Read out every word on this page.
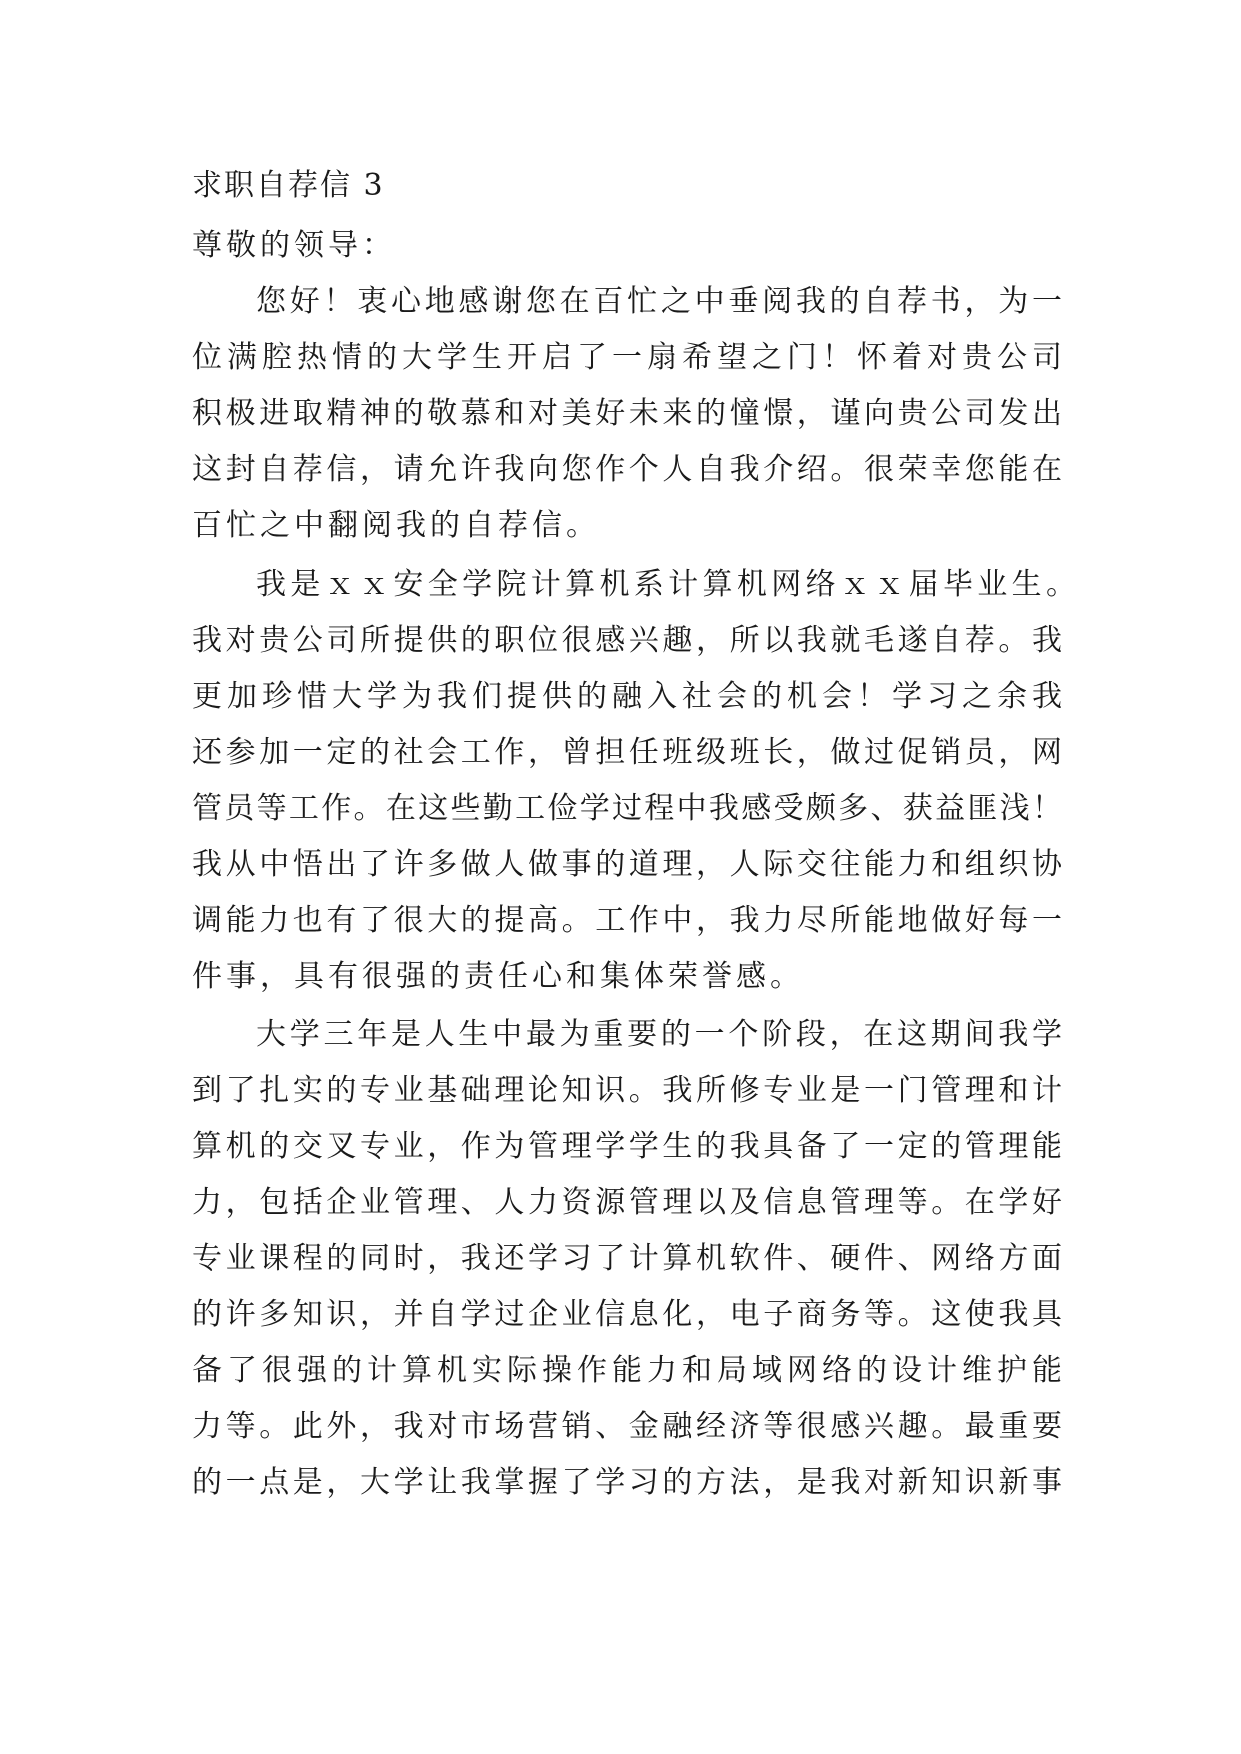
求职自荐信 3
尊敬的领导：
您好！衷心地感谢您在百忙之中垂阅我的自荐书，为一
位满腔热情的大学生开启了一扇希望之门！怀着对贵公司
积极进取精神的敬慕和对美好未来的憧憬，谨向贵公司发出
这封自荐信，请允许我向您作个人自我介绍。很荣幸您能在
百忙之中翻阅我的自荐信。
我是ｘｘ安全学院计算机系计算机网络ｘｘ届毕业生。
我对贵公司所提供的职位很感兴趣，所以我就毛遂自荐。我
更加珍惜大学为我们提供的融入社会的机会！学习之余我
还参加一定的社会工作，曾担任班级班长，做过促销员，网
管员等工作。在这些勤工俭学过程中我感受颇多、获益匪浅！
我从中悟出了许多做人做事的道理，人际交往能力和组织协
调能力也有了很大的提高。工作中，我力尽所能地做好每一
件事，具有很强的责任心和集体荣誉感。
大学三年是人生中最为重要的一个阶段，在这期间我学
到了扎实的专业基础理论知识。我所修专业是一门管理和计
算机的交叉专业，作为管理学学生的我具备了一定的管理能
力，包括企业管理、人力资源管理以及信息管理等。在学好
专业课程的同时，我还学习了计算机软件、硬件、网络方面
的许多知识，并自学过企业信息化，电子商务等。这使我具
备了很强的计算机实际操作能力和局域网络的设计维护能
力等。此外，我对市场营销、金融经济等很感兴趣。最重要
的一点是，大学让我掌握了学习的方法，是我对新知识新事
